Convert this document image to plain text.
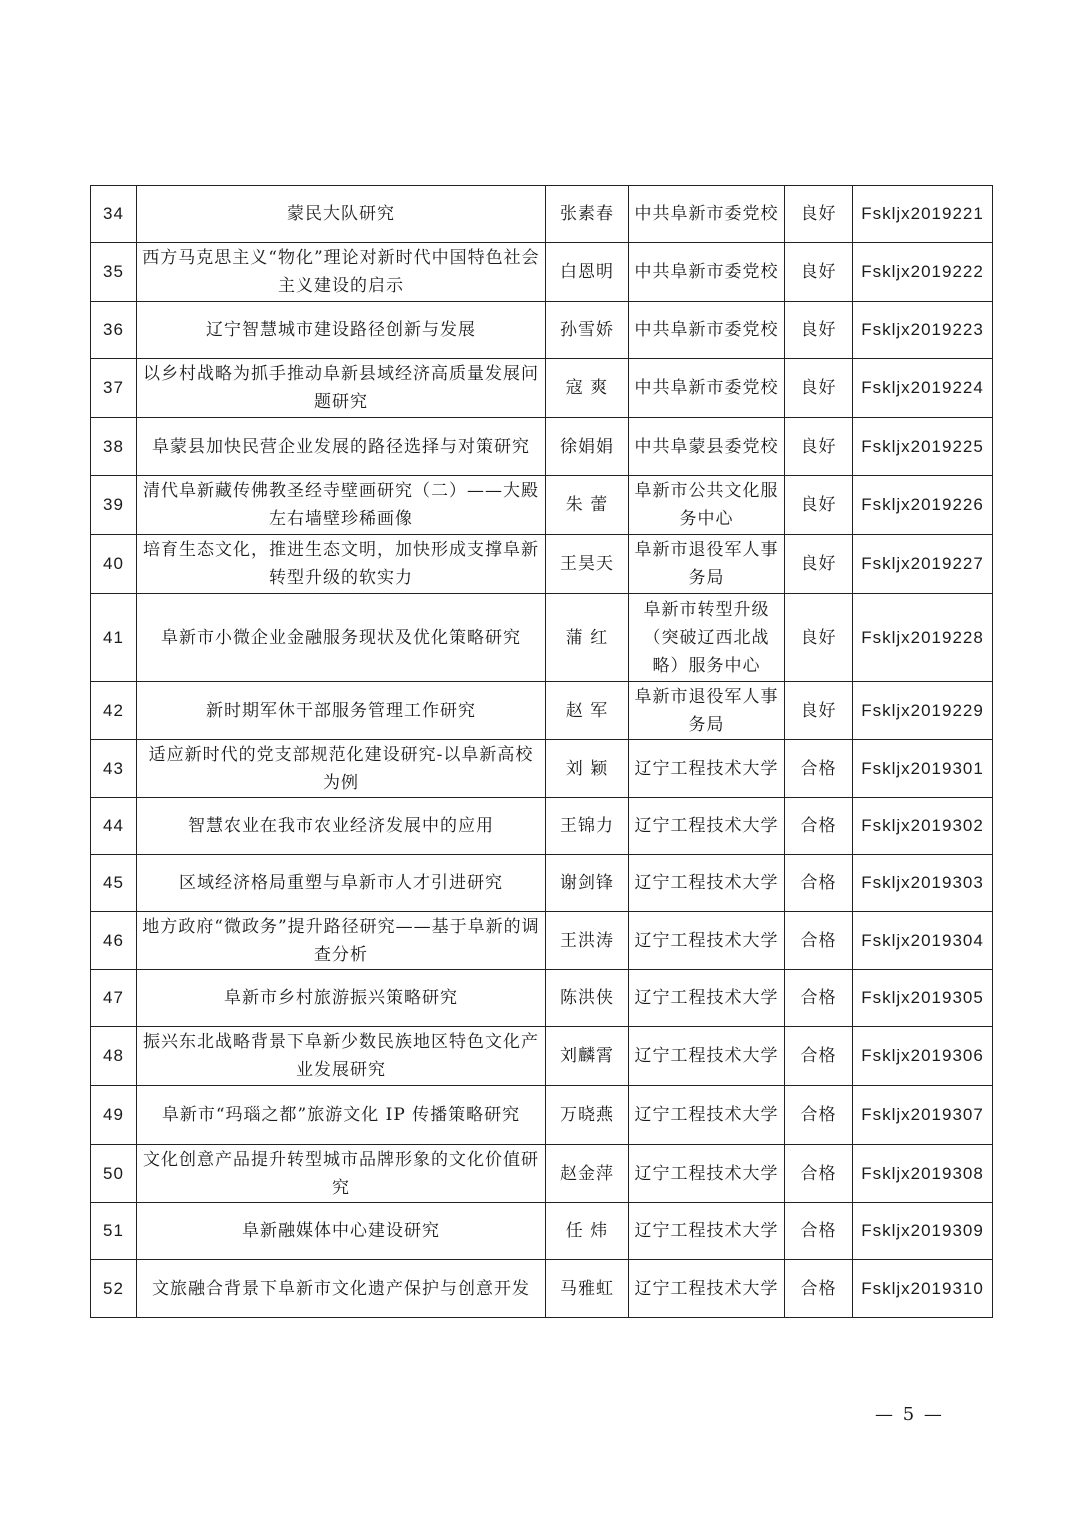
34	蒙民大队研究	张素春	中共阜新市委党校	良好	Fskljx2019221
35	西方马克思主义“物化”理论对新时代中国特色社会主义建设的启示	白恩明	中共阜新市委党校	良好	Fskljx2019222
36	辽宁智慧城市建设路径创新与发展	孙雪娇	中共阜新市委党校	良好	Fskljx2019223
37	以乡村战略为抓手推动阜新县域经济高质量发展问题研究	寇 爽	中共阜新市委党校	良好	Fskljx2019224
38	阜蒙县加快民营企业发展的路径选择与对策研究	徐娟娟	中共阜蒙县委党校	良好	Fskljx2019225
39	清代阜新藏传佛教圣经寺壁画研究（二）——大殿左右墙壁珍稀画像	朱 蕾	阜新市公共文化服务中心	良好	Fskljx2019226
40	培育生态文化，推进生态文明，加快形成支撑阜新转型升级的软实力	王昊天	阜新市退役军人事务局	良好	Fskljx2019227
41	阜新市小微企业金融服务现状及优化策略研究	蒲 红	阜新市转型升级（突破辽西北战略）服务中心	良好	Fskljx2019228
42	新时期军休干部服务管理工作研究	赵 军	阜新市退役军人事务局	良好	Fskljx2019229
43	适应新时代的党支部规范化建设研究-以阜新高校为例	刘 颖	辽宁工程技术大学	合格	Fskljx2019301
44	智慧农业在我市农业经济发展中的应用	王锦力	辽宁工程技术大学	合格	Fskljx2019302
45	区域经济格局重塑与阜新市人才引进研究	谢剑锋	辽宁工程技术大学	合格	Fskljx2019303
46	地方政府“微政务”提升路径研究——基于阜新的调查分析	王洪涛	辽宁工程技术大学	合格	Fskljx2019304
47	阜新市乡村旅游振兴策略研究	陈洪侠	辽宁工程技术大学	合格	Fskljx2019305
48	振兴东北战略背景下阜新少数民族地区特色文化产业发展研究	刘麟霄	辽宁工程技术大学	合格	Fskljx2019306
49	阜新市“玛瑙之都”旅游文化 IP 传播策略研究	万晓燕	辽宁工程技术大学	合格	Fskljx2019307
50	文化创意产品提升转型城市品牌形象的文化价值研究	赵金萍	辽宁工程技术大学	合格	Fskljx2019308
51	阜新融媒体中心建设研究	任 炜	辽宁工程技术大学	合格	Fskljx2019309
52	文旅融合背景下阜新市文化遗产保护与创意开发	马雅虹	辽宁工程技术大学	合格	Fskljx2019310
— 5 —
